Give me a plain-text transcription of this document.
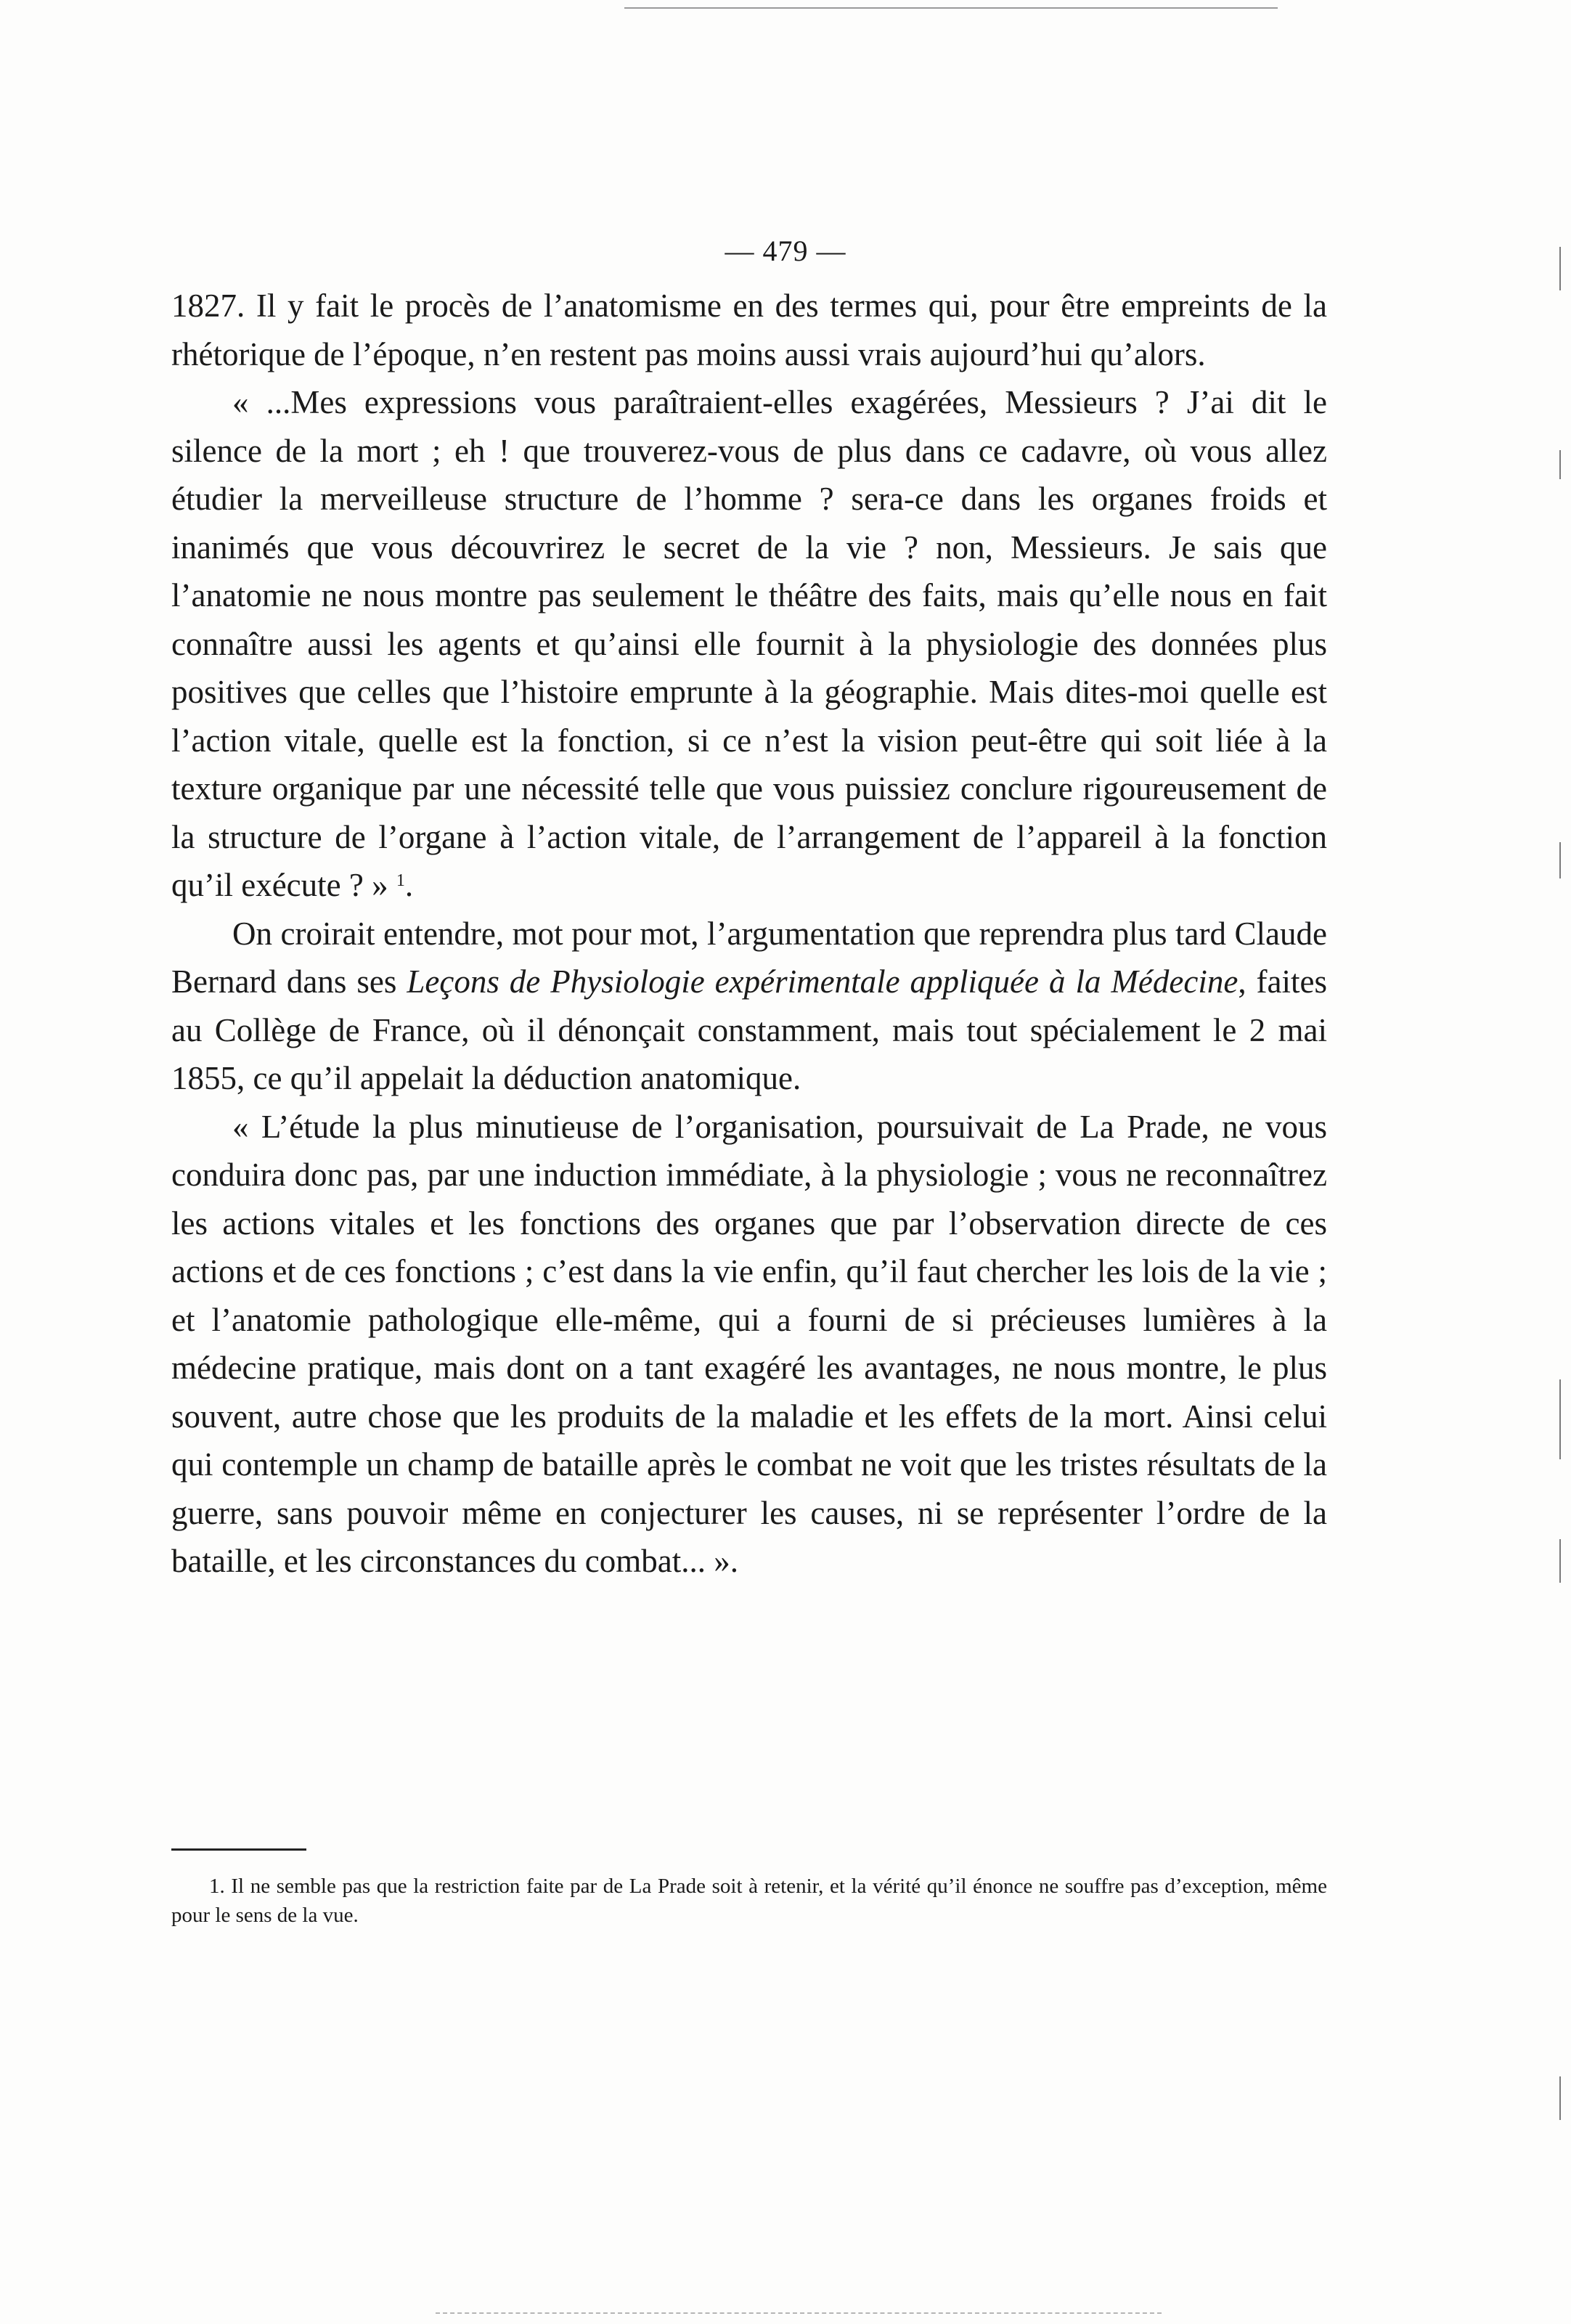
— 479 —

1827. Il y fait le procès de l’anatomisme en des termes qui, pour être empreints de la rhétorique de l’époque, n’en restent pas moins aussi vrais aujourd’hui qu’alors.

« ...Mes expressions vous paraîtraient-elles exagérées, Messieurs ? J’ai dit le silence de la mort ; eh ! que trouverez-vous de plus dans ce cadavre, où vous allez étudier la merveilleuse structure de l’homme ? sera-ce dans les organes froids et inanimés que vous découvrirez le secret de la vie ? non, Messieurs. Je sais que l’anatomie ne nous montre pas seulement le théâtre des faits, mais qu’elle nous en fait connaître aussi les agents et qu’ainsi elle fournit à la physiologie des données plus positives que celles que l’histoire emprunte à la géographie. Mais dites-moi quelle est l’action vitale, quelle est la fonction, si ce n’est la vision peut-être qui soit liée à la texture organique par une nécessité telle que vous puissiez conclure rigoureusement de la structure de l’organe à l’action vitale, de l’arrangement de l’appareil à la fonction qu’il exécute ? » $^1$.

On croirait entendre, mot pour mot, l’argumentation que reprendra plus tard Claude Bernard dans ses Leçons de Physiologie expérimentale appliquée à la Médecine, faites au Collège de France, où il dénonçait constamment, mais tout spécialement le 2 mai 1855, ce qu’il appelait la déduction anatomique.

« L’étude la plus minutieuse de l’organisation, poursuivait de La Prade, ne vous conduira donc pas, par une induction immédiate, à la physiologie ; vous ne reconnaîtrez les actions vitales et les fonctions des organes que par l’observation directe de ces actions et de ces fonctions ; c’est dans la vie enfin, qu’il faut chercher les lois de la vie ; et l’anatomie pathologique elle-même, qui a fourni de si précieuses lumières à la médecine pratique, mais dont on a tant exagéré les avantages, ne nous montre, le plus souvent, autre chose que les produits de la maladie et les effets de la mort. Ainsi celui qui contemple un champ de bataille après le combat ne voit que les tristes résultats de la guerre, sans pouvoir même en conjecturer les causes, ni se représenter l’ordre de la bataille, et les circonstances du combat... ».

1. Il ne semble pas que la restriction faite par de La Prade soit à retenir, et la vérité qu’il énonce ne souffre pas d’exception, même pour le sens de la vue.
